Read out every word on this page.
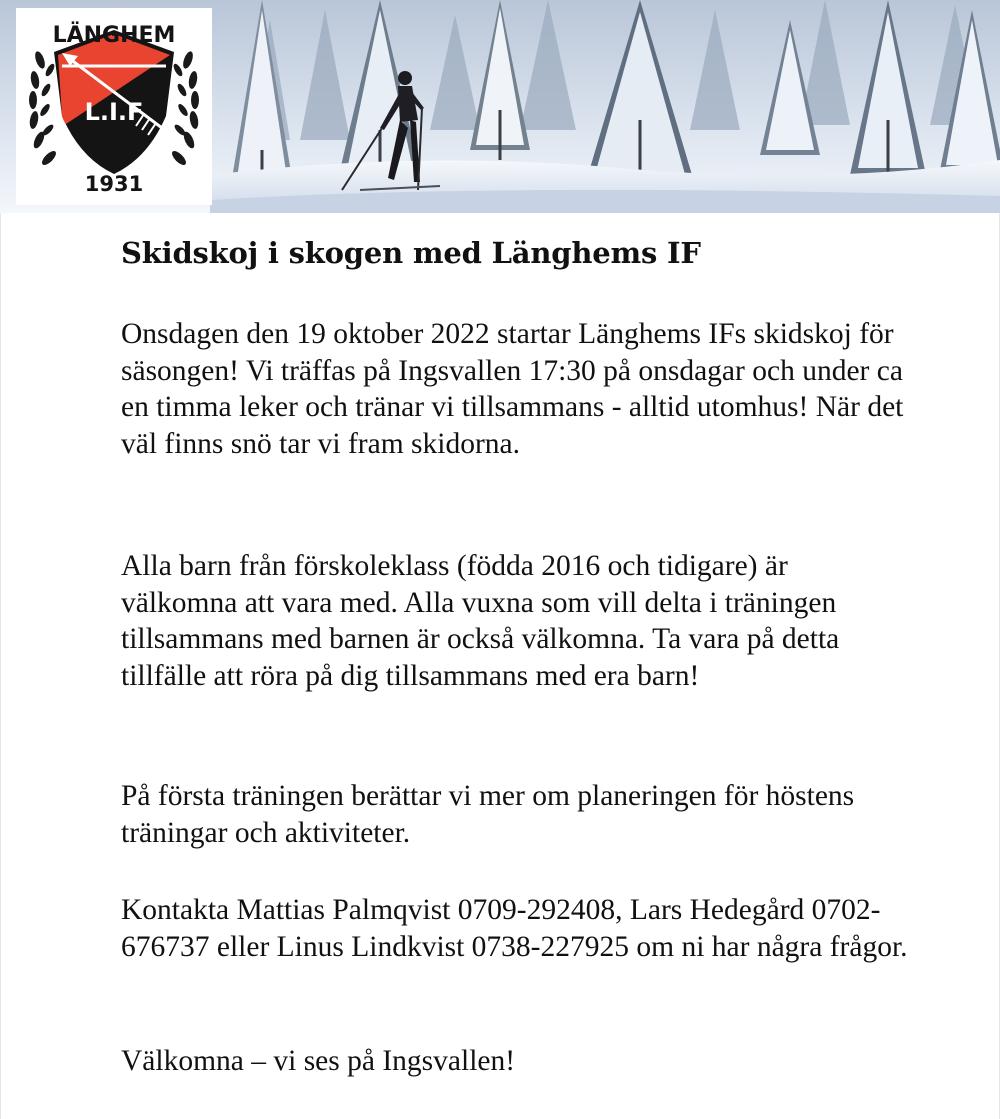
L.I.F
LÄNGHEM
1931
Skidskoj i skogen med Länghems IF

Onsdagen den 19 oktober 2022 startar Länghems IFs skidskoj för säsongen! Vi träffas på Ingsvallen 17:30 på onsdagar och under ca en timma leker och tränar vi tillsammans - alltid utomhus! När det väl finns snö tar vi fram skidorna.

Alla barn från förskoleklass (födda 2016 och tidigare) är välkomna att vara med. Alla vuxna som vill delta i träningen tillsammans med barnen är också välkomna. Ta vara på detta tillfälle att röra på dig tillsammans med era barn!

På första träningen berättar vi mer om planeringen för höstens träningar och aktiviteter.

Kontakta Mattias Palmqvist 0709-292408, Lars Hedegård 0702-676737 eller Linus Lindkvist 0738-227925 om ni har några frågor.

Välkomna – vi ses på Ingsvallen!
